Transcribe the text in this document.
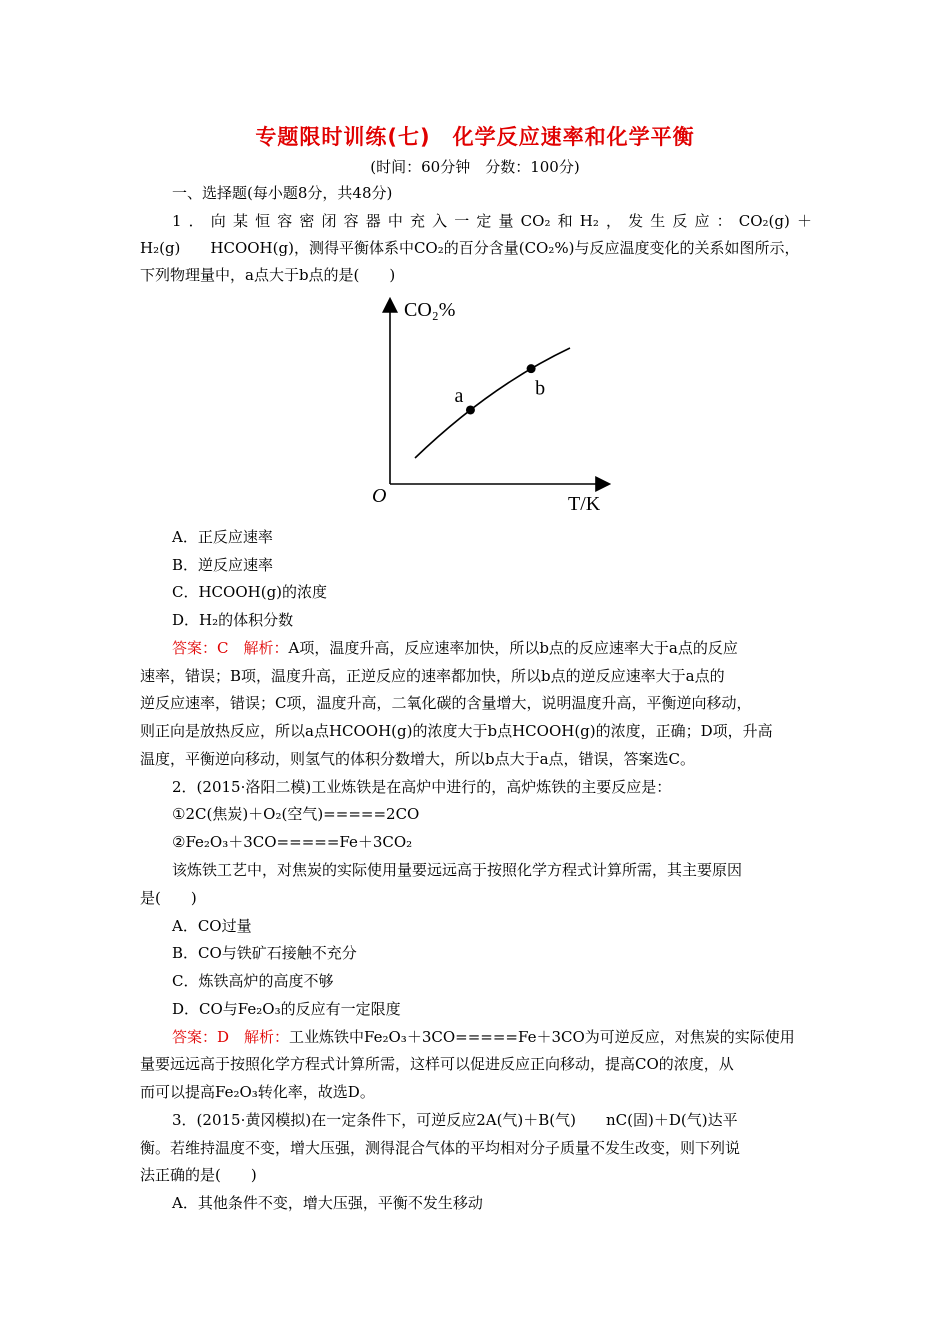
专题限时训练(七)　化学反应速率和化学平衡
(时间：60分钟　分数：100分)
一、选择题(每小题8分，共48分)
1．向某恒容密闭容器中充入一定量CO₂和H₂，发生反应：CO₂(g)＋
H₂(g)　　HCOOH(g)，测得平衡体系中CO₂的百分含量(CO₂%)与反应温度变化的关系如图所示，
下列物理量中，a点大于b点的是(　　)
a	b
CO₂%
O	T/K
A．正反应速率
B．逆反应速率
C．HCOOH(g)的浓度
D．H₂的体积分数
答案：C　解析：A项，温度升高，反应速率加快，所以b点的反应速率大于a点的反应
速率，错误；B项，温度升高，正逆反应的速率都加快，所以b点的逆反应速率大于a点的
逆反应速率，错误；C项，温度升高，二氧化碳的含量增大，说明温度升高，平衡逆向移动，
则正向是放热反应，所以a点HCOOH(g)的浓度大于b点HCOOH(g)的浓度，正确；D项，升高
温度，平衡逆向移动，则氢气的体积分数增大，所以b点大于a点，错误，答案选C。
2．(2015·洛阳二模)工业炼铁是在高炉中进行的，高炉炼铁的主要反应是：
①2C(焦炭)＋O₂(空气)=====2CO
②Fe₂O₃＋3CO=====Fe＋3CO₂
该炼铁工艺中，对焦炭的实际使用量要远远高于按照化学方程式计算所需，其主要原因
是(　　)
A．CO过量
B．CO与铁矿石接触不充分
C．炼铁高炉的高度不够
D．CO与Fe₂O₃的反应有一定限度
答案：D　解析：工业炼铁中Fe₂O₃＋3CO=====Fe＋3CO为可逆反应，对焦炭的实际使用
量要远远高于按照化学方程式计算所需，这样可以促进反应正向移动，提高CO的浓度，从
而可以提高Fe₂O₃转化率，故选D。
3．(2015·黄冈模拟)在一定条件下，可逆反应2A(气)＋B(气)　　nC(固)＋D(气)达平
衡。若维持温度不变，增大压强，测得混合气体的平均相对分子质量不发生改变，则下列说
法正确的是(　　)
A．其他条件不变，增大压强，平衡不发生移动
